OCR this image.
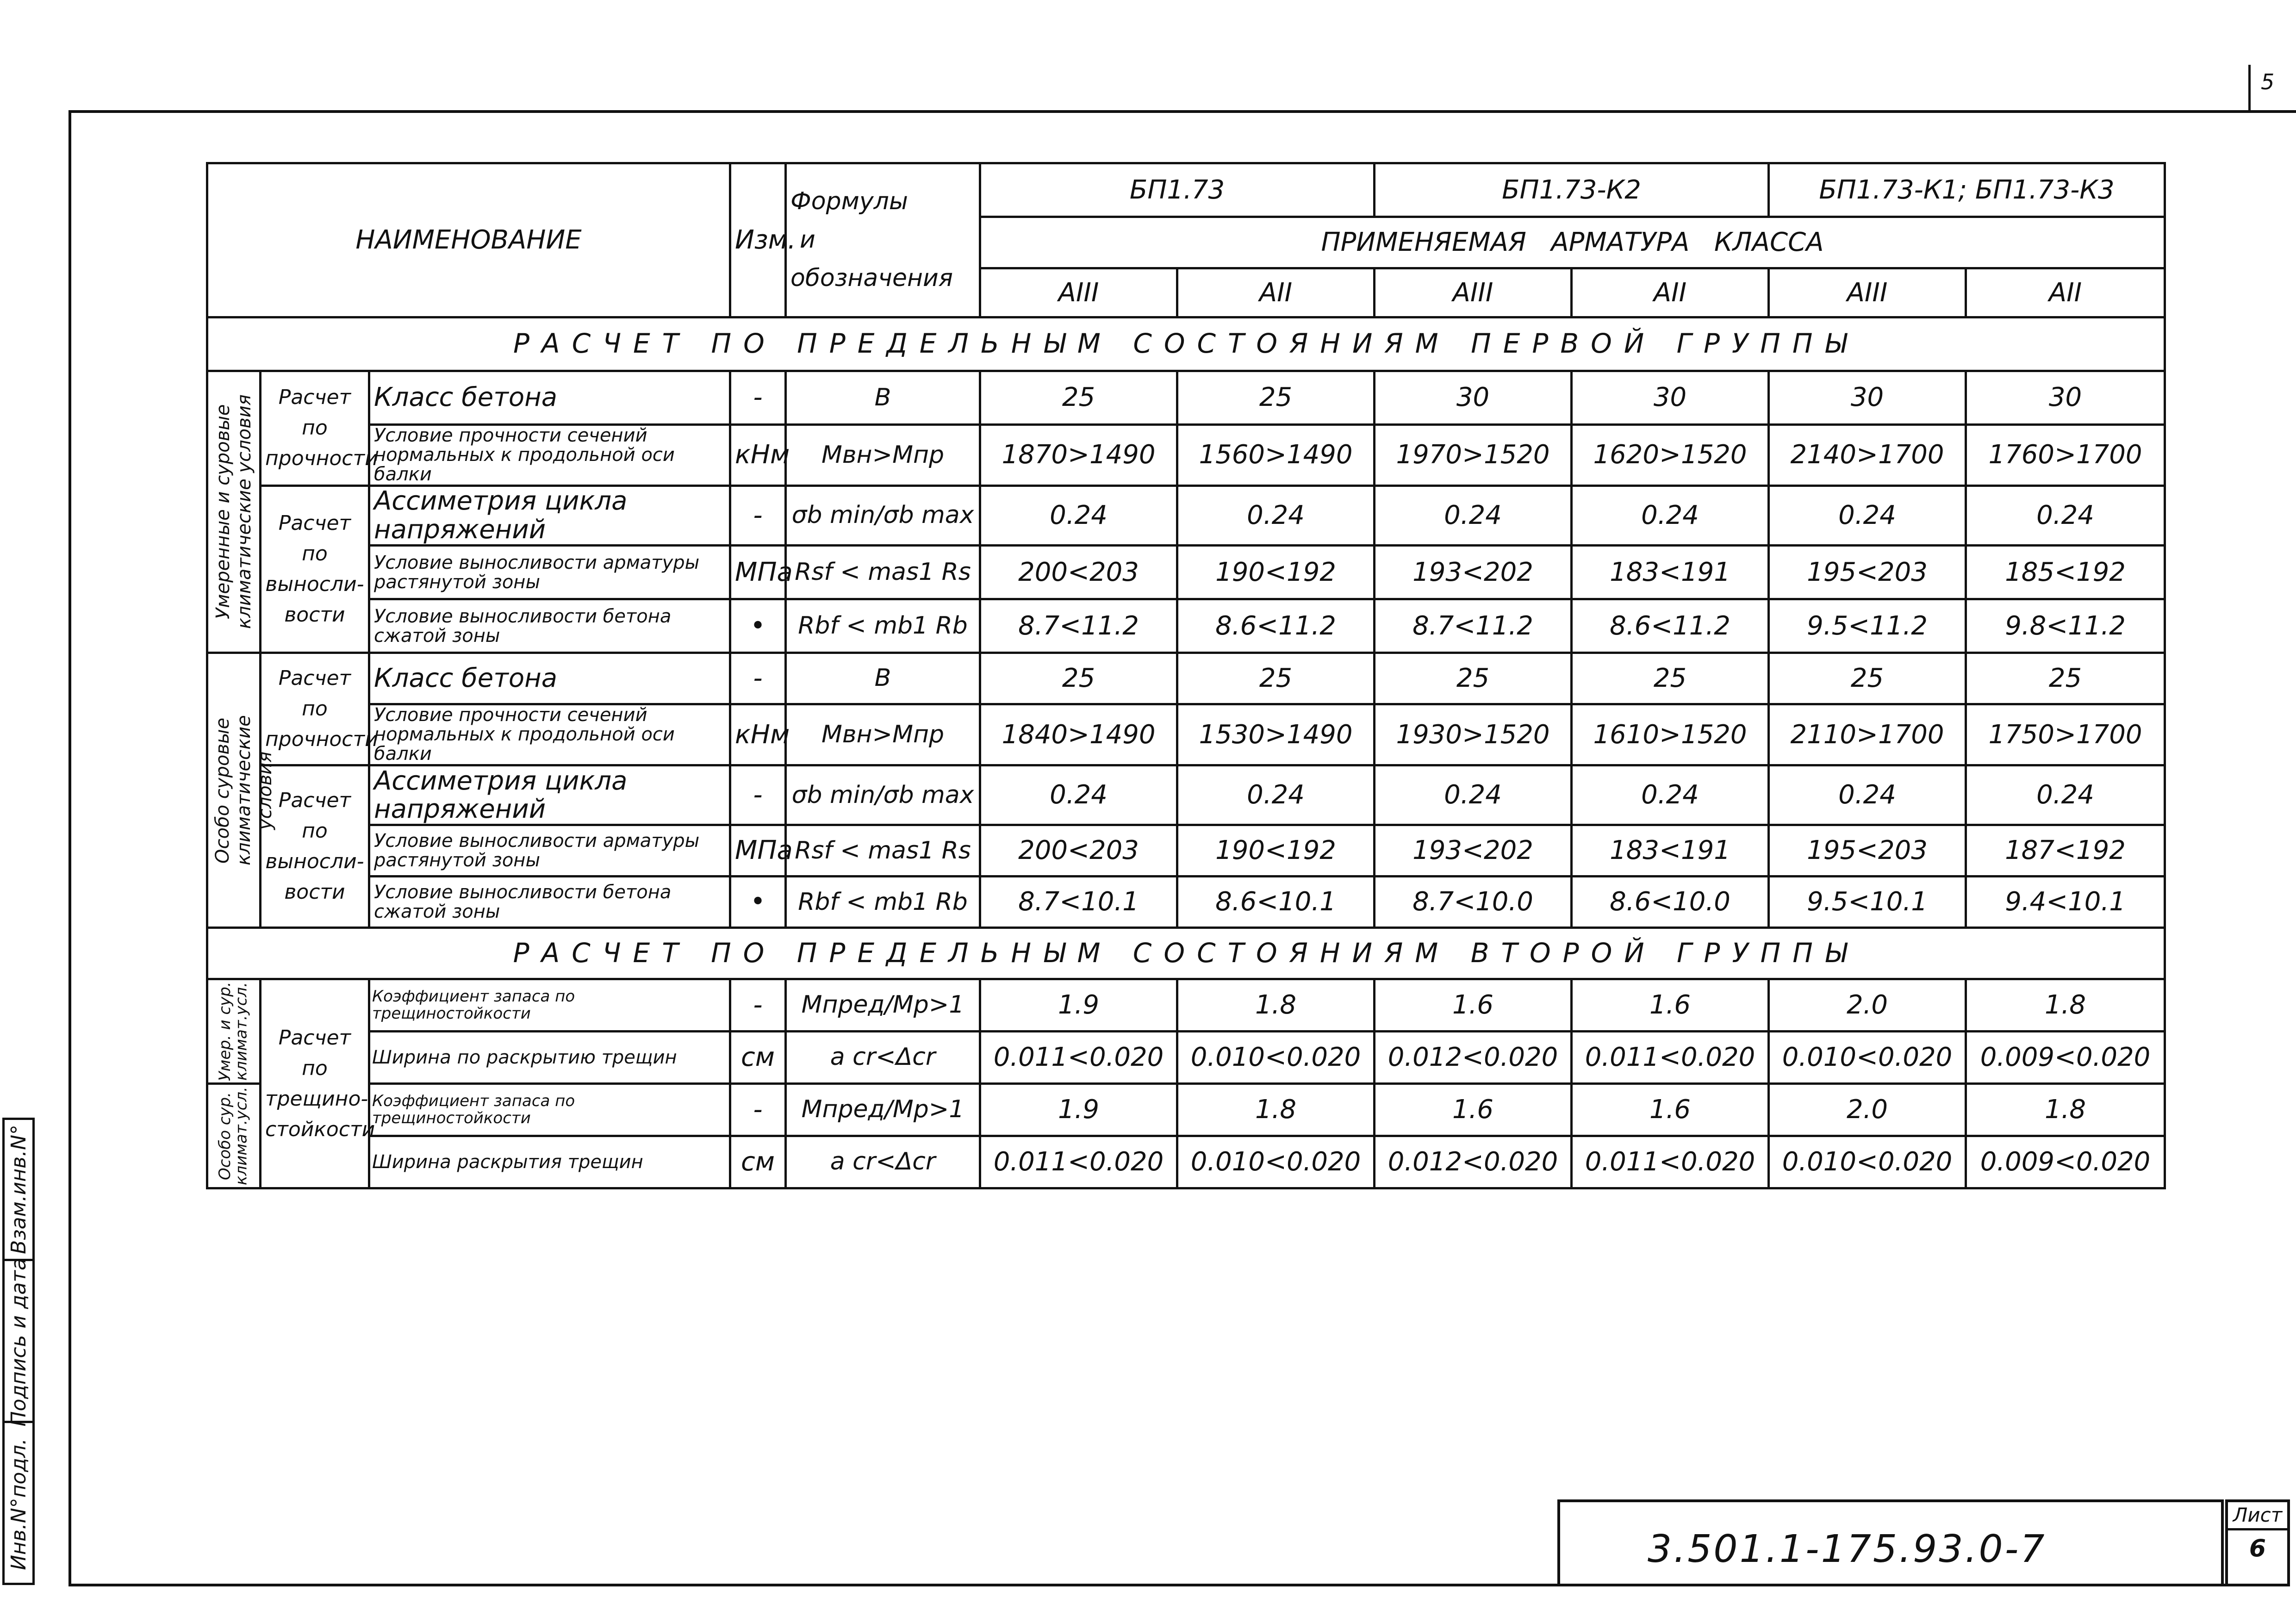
5
Инв.N°подл.
Подпись и дата
Взам.инв.N°
НАИМЕНОВАНИЕ			Изм.	Формулы
и
обозначения	БП1.73		БП1.73-К2		БП1.73-К1; БП1.73-К3	
					ПРИМЕНЯЕМАЯ   АРМАТУРА   КЛАССА					
					AIII	AII	AIII	AII	AIII	AII
РАСЧЕТ ПО ПРЕДЕЛЬНЫМ СОСТОЯНИЯМ ПЕРВОЙ ГРУППЫ										

Умеренные и суровые климатические условия	Расчет по прочности	Класс бетона	-	B	25	25	30	30	30	30
		Условие прочности сечений нормальных к продольной оси балки	кНм	Mвн>Mпр	1870>1490	1560>1490	1970>1520	1620>1520	2140>1700	1760>1700
	Расчет по выносли- вости	Ассиметрия цикла напряжений	-	σb min/σb max	0.24	0.24	0.24	0.24	0.24	0.24
		Условие выносливости арматуры растянутой зоны	МПа	Rsf < mas1 Rs	200<203	190<192	193<202	183<191	195<203	185<192
		Условие выносливости бетона сжатой зоны	•	Rbf < mb1 Rb	8.7<11.2	8.6<11.2	8.7<11.2	8.6<11.2	9.5<11.2	9.8<11.2

Особо суровые климатические условия	Расчет по прочности	Класс бетона	-	B	25	25	25	25	25	25
		Условие прочности сечений нормальных к продольной оси балки	кНм	Mвн>Mпр	1840>1490	1530>1490	1930>1520	1610>1520	2110>1700	1750>1700
	Расчет по выносли- вости	Ассиметрия цикла напряжений	-	σb min/σb max	0.24	0.24	0.24	0.24	0.24	0.24
		Условие выносливости арматуры растянутой зоны	МПа	Rsf < mas1 Rs	200<203	190<192	193<202	183<191	195<203	187<192
		Условие выносливости бетона сжатой зоны	•	Rbf < mb1 Rb	8.7<10.1	8.6<10.1	8.7<10.0	8.6<10.0	9.5<10.1	9.4<10.1
РАСЧЕТ ПО ПРЕДЕЛЬНЫМ СОСТОЯНИЯМ ВТОРОЙ ГРУППЫ										

Умер. и сур. климат.усл.	Расчет по трещино- стойкости	Коэффициент запаса по трещиностойкости	-	Mпред/Mр>1	1.9	1.8	1.6	1.6	2.0	1.8
		Ширина по раскрытию трещин	см	a cr<Δcr	0.011<0.020	0.010<0.020	0.012<0.020	0.011<0.020	0.010<0.020	0.009<0.020

Особо сур. климат.усл.		Коэффициент запаса по трещиностойкости	-	Mпред/Mр>1	1.9	1.8	1.6	1.6	2.0	1.8
		Ширина раскрытия трещин	см	a cr<Δcr	0.011<0.020	0.010<0.020	0.012<0.020	0.011<0.020	0.010<0.020	0.009<0.020
3.501.1-175.93.0-7
Лист
6
